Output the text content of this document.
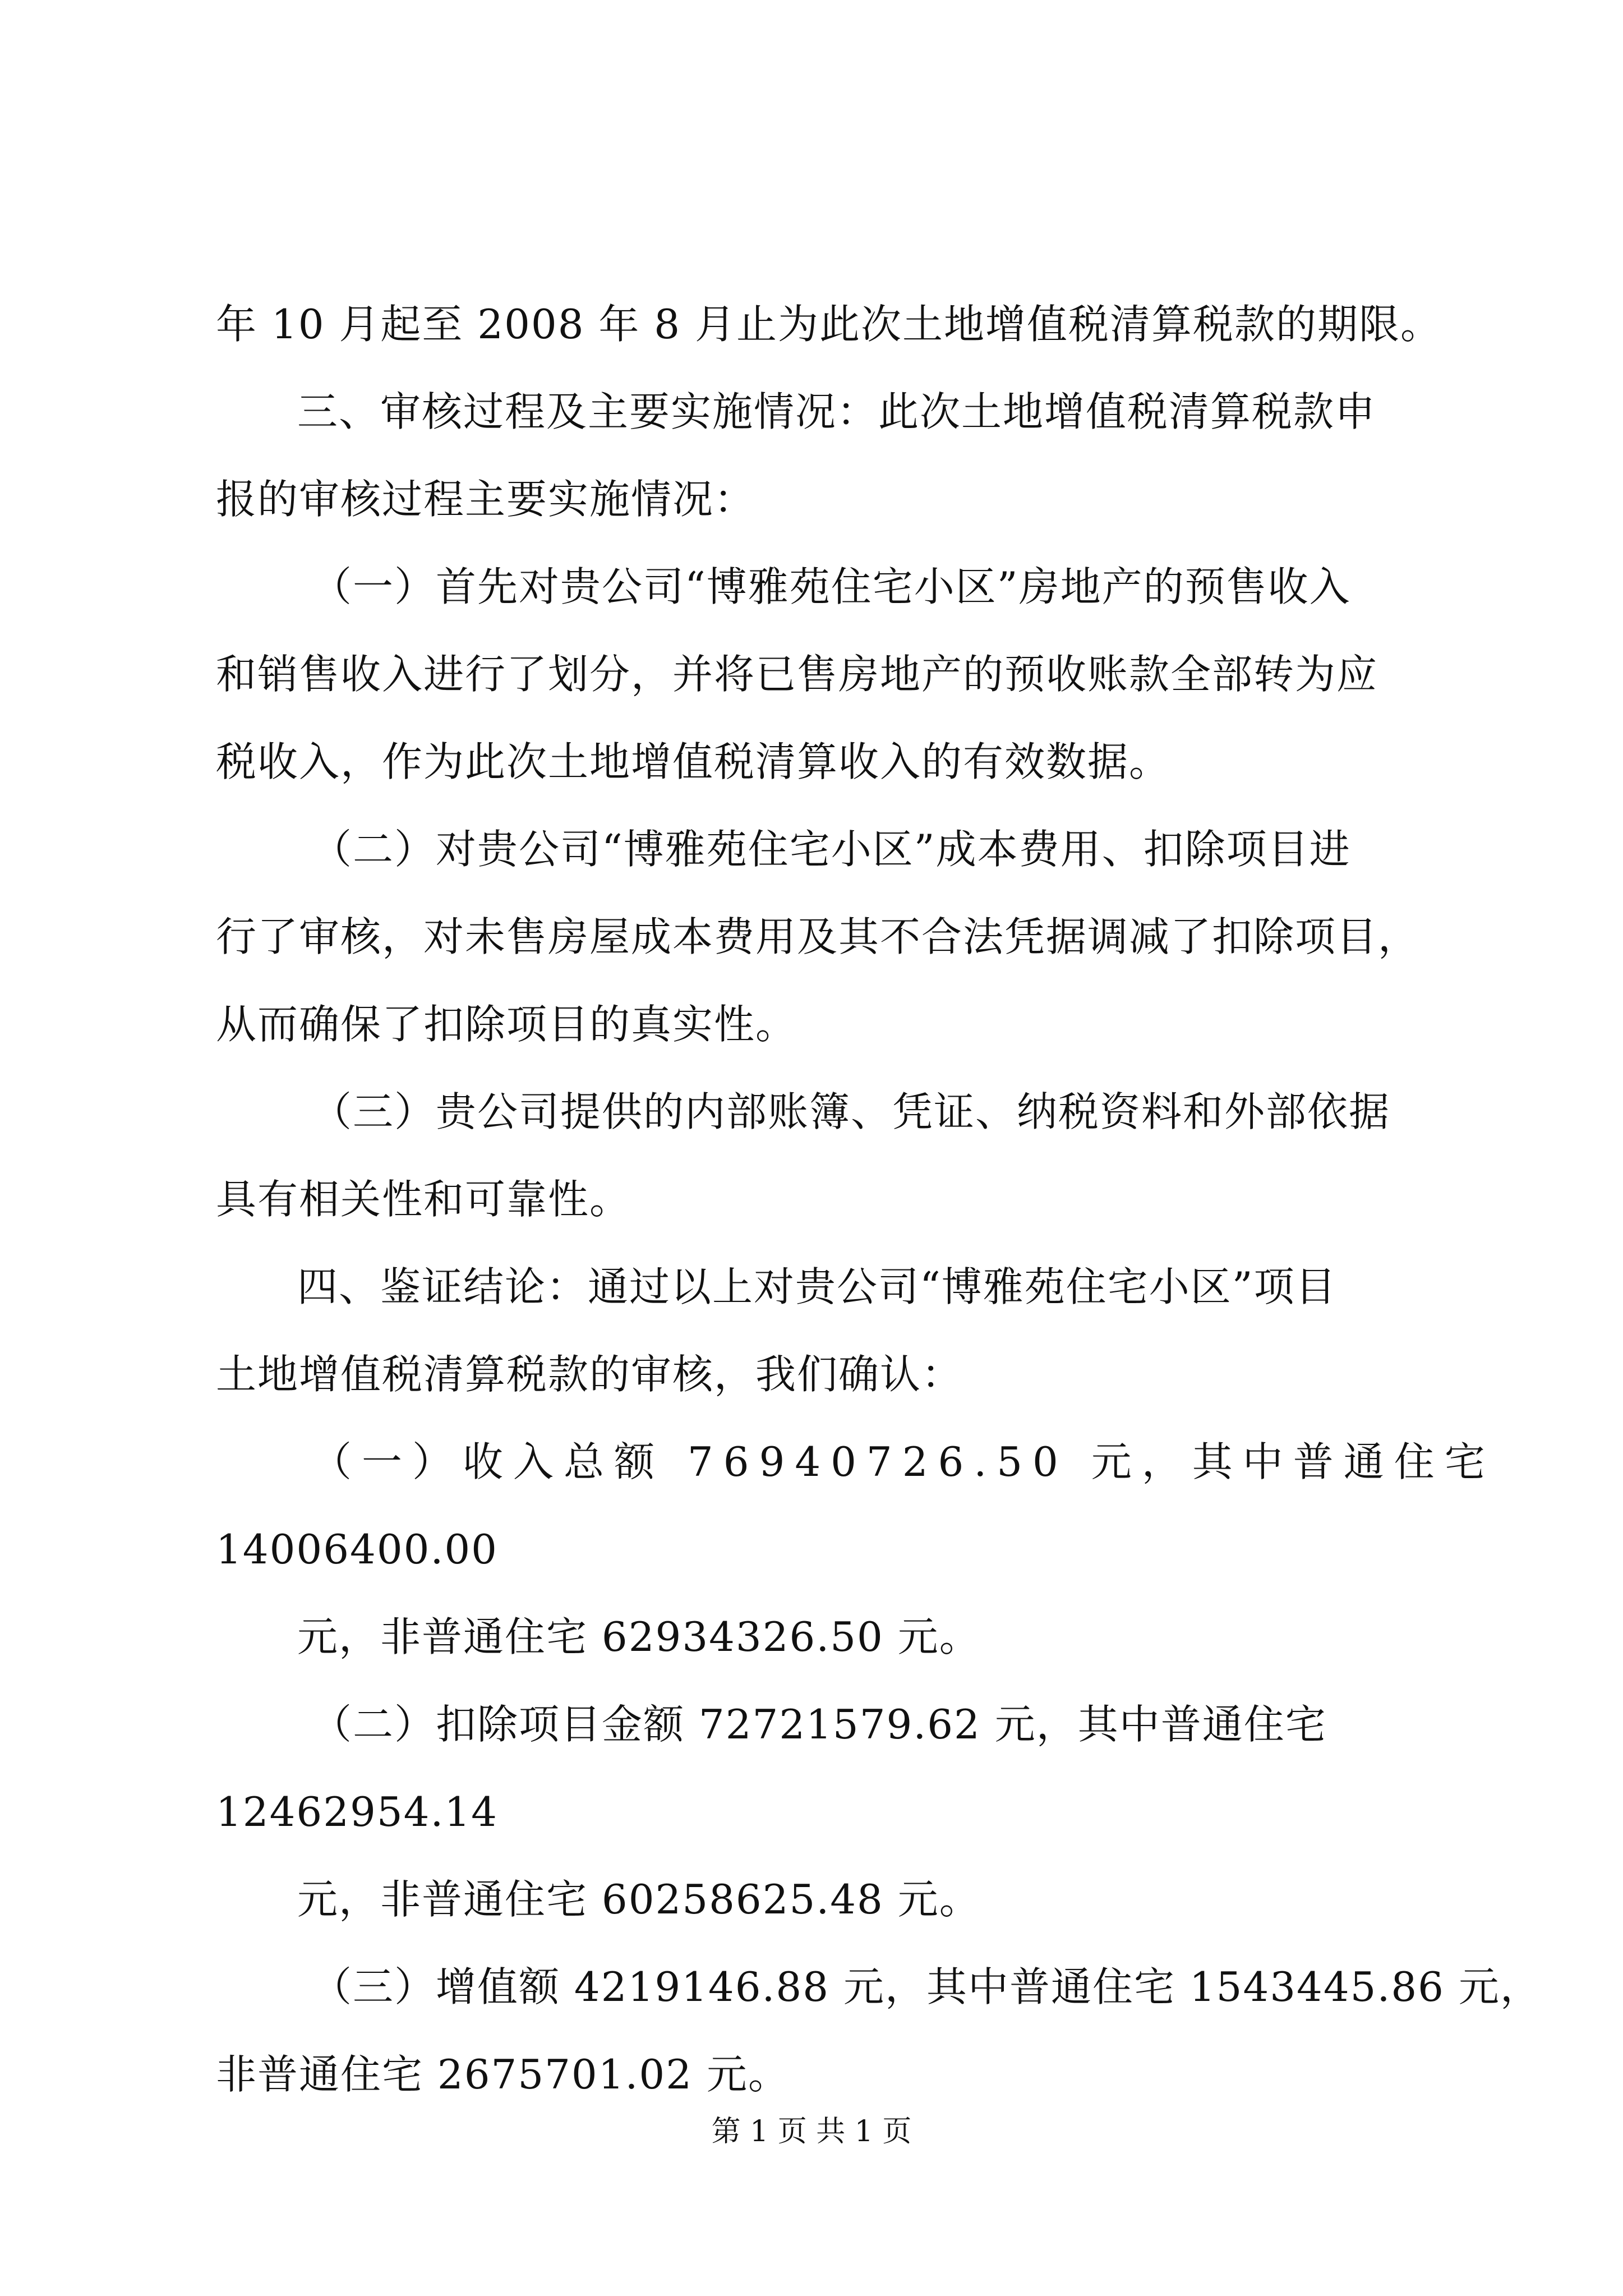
年 10 月起至 2008 年 8 月止为此次土地增值税清算税款的期限。
三、审核过程及主要实施情况：此次土地增值税清算税款申
报的审核过程主要实施情况：
（一）首先对贵公司“博雅苑住宅小区”房地产的预售收入
和销售收入进行了划分，并将已售房地产的预收账款全部转为应
税收入，作为此次土地增值税清算收入的有效数据。
（二）对贵公司“博雅苑住宅小区”成本费用、扣除项目进
行了审核，对未售房屋成本费用及其不合法凭据调减了扣除项目，
从而确保了扣除项目的真实性。
（三）贵公司提供的内部账簿、凭证、纳税资料和外部依据
具有相关性和可靠性。
四、鉴证结论：通过以上对贵公司“博雅苑住宅小区”项目
土地增值税清算税款的审核，我们确认：
（一）收入总额 76940726.50 元，其中普通住宅
14006400.00
元，非普通住宅 62934326.50 元。
（二）扣除项目金额 72721579.62 元，其中普通住宅
12462954.14
元，非普通住宅 60258625.48 元。
（三）增值额 4219146.88 元，其中普通住宅 1543445.86 元，
非普通住宅 2675701.02 元。
第 1 页 共 1 页
